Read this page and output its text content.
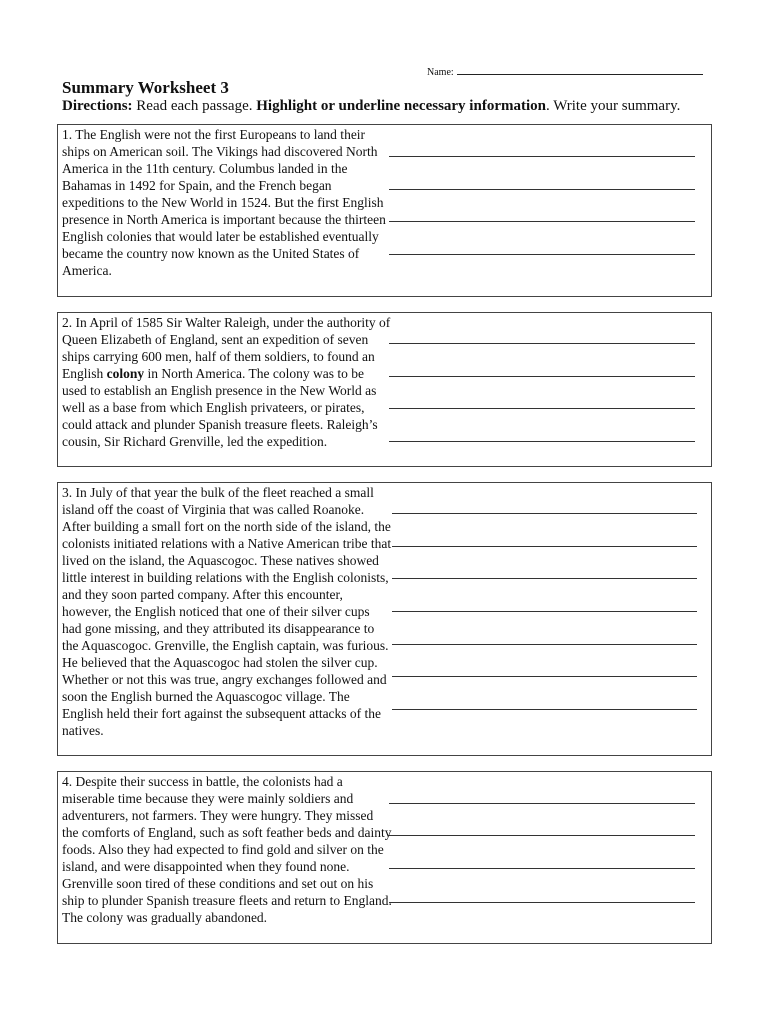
Name:
Summary Worksheet 3

Directions: Read each passage. Highlight or underline necessary information. Write your summary.

1. The English were not the first Europeans to land their ships on American soil. The Vikings had discovered North America in the 11th century. Columbus landed in the Bahamas in 1492 for Spain, and the French began expeditions to the New World in 1524. But the first English presence in North America is important because the thirteen English colonies that would later be established eventually became the country now known as the United States of America.

2. In April of 1585 Sir Walter Raleigh, under the authority of Queen Elizabeth of England, sent an expedition of seven ships carrying 600 men, half of them soldiers, to found an English colony in North America. The colony was to be used to establish an English presence in the New World as well as a base from which English privateers, or pirates, could attack and plunder Spanish treasure fleets. Raleigh’s cousin, Sir Richard Grenville, led the expedition.

3. In July of that year the bulk of the fleet reached a small island off the coast of Virginia that was called Roanoke. After building a small fort on the north side of the island, the colonists initiated relations with a Native American tribe that lived on the island, the Aquascogoc. These natives showed little interest in building relations with the English colonists, and they soon parted company. After this encounter, however, the English noticed that one of their silver cups had gone missing, and they attributed its disappearance to the Aquascogoc. Grenville, the English captain, was furious. He believed that the Aquascogoc had stolen the silver cup. Whether or not this was true, angry exchanges followed and soon the English burned the Aquascogoc village. The English held their fort against the subsequent attacks of the natives.

4. Despite their success in battle, the colonists had a miserable time because they were mainly soldiers and adventurers, not farmers. They were hungry. They missed the comforts of England, such as soft feather beds and dainty foods. Also they had expected to find gold and silver on the island, and were disappointed when they found none. Grenville soon tired of these conditions and set out on his ship to plunder Spanish treasure fleets and return to England. The colony was gradually abandoned.
